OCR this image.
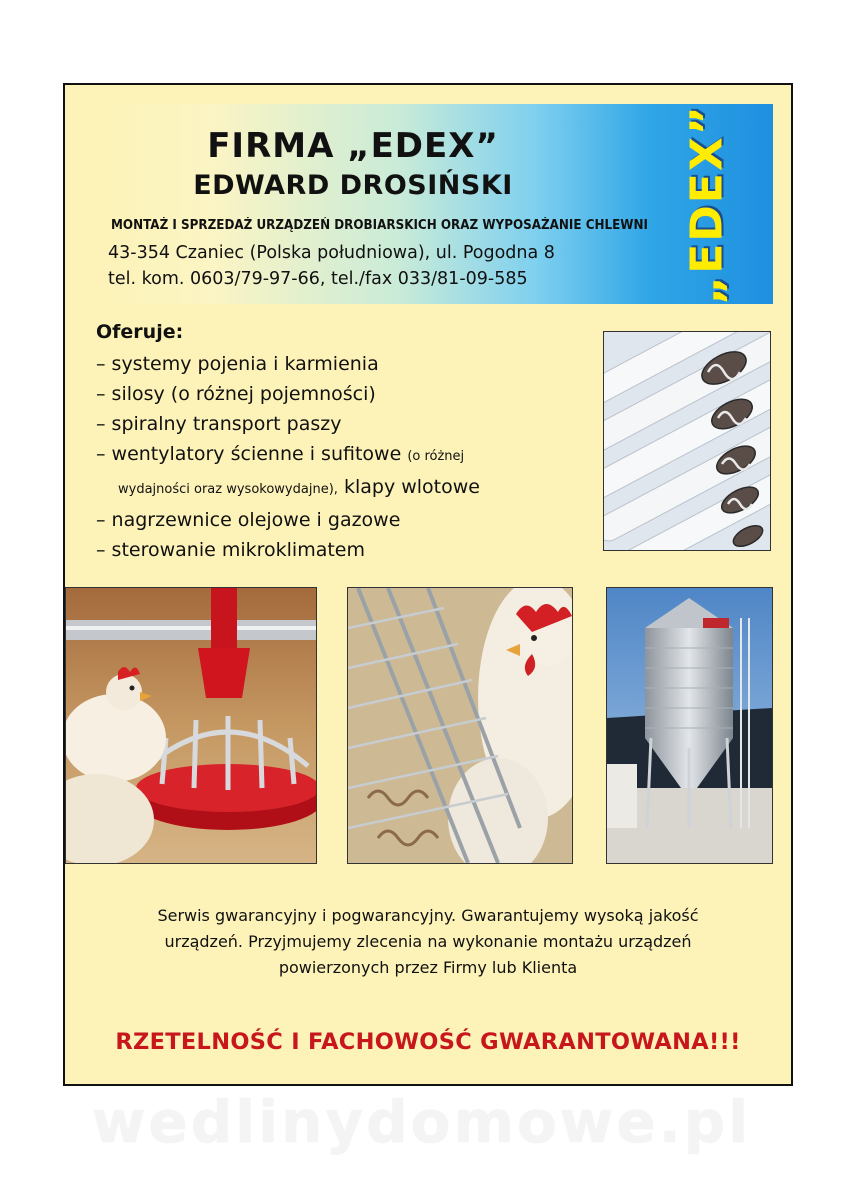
FIRMA „EDEX”
EDWARD DROSIŃSKI
MONTAŻ I SPRZEDAŻ URZĄDZEŃ DROBIARSKICH ORAZ WYPOSAŻANIE CHLEWNI
43-354 Czaniec (Polska południowa), ul. Pogodna 8
tel. kom. 0603/79-97-66, tel./fax 033/81-09-585	„EDEX”
Oferuje:
– systemy pojenia i karmienia
– silosy (o różnej pojemności)
– spiralny transport paszy
– wentylatory ścienne i sufitowe (o różnej
wydajności oraz wysokowydajne), klapy wlotowe
– nagrzewnice olejowe i gazowe
– sterowanie mikroklimatem
Serwis gwarancyjny i pogwarancyjny. Gwarantujemy wysoką jakość
urządzeń. Przyjmujemy zlecenia na wykonanie montażu urządzeń
powierzonych przez Firmy lub Klienta
RZETELNOŚĆ I FACHOWOŚĆ GWARANTOWANA!!!
wedlinydomowe.pl
